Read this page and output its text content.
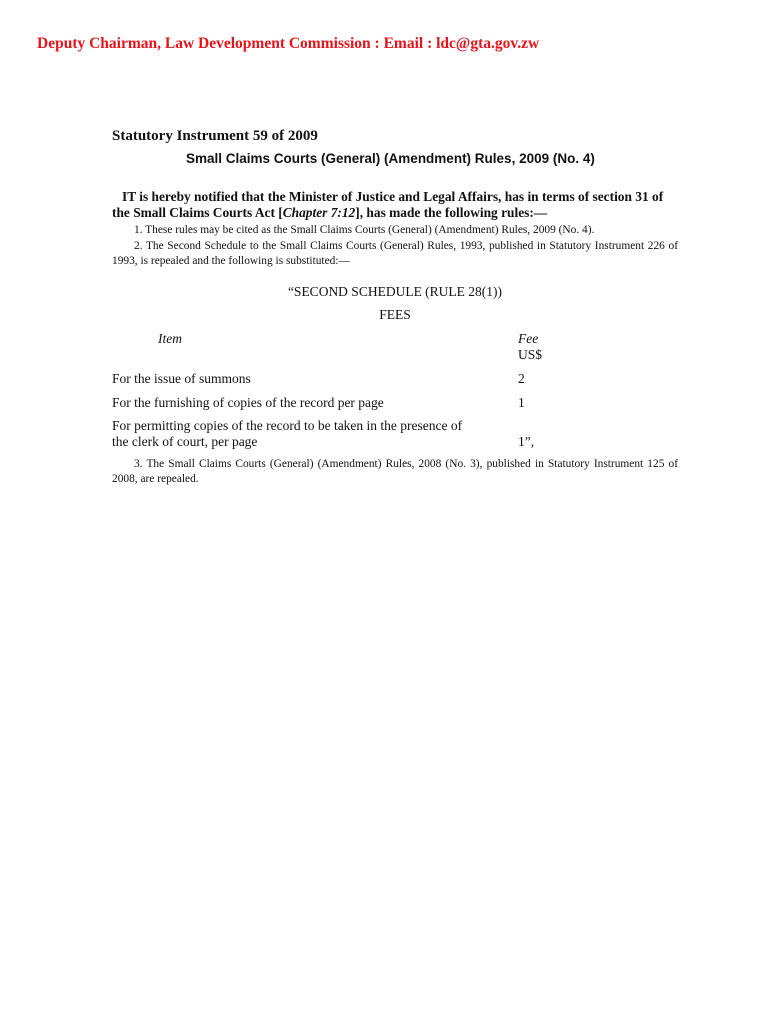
Deputy Chairman, Law Development Commission : Email : ldc@gta.gov.zw
Statutory Instrument 59 of 2009
Small Claims Courts (General) (Amendment) Rules, 2009 (No. 4)
IT is hereby notified that the Minister of Justice and Legal Affairs, has in terms of section 31 of the Small Claims Courts Act [Chapter 7:12], has made the following rules:—
1. These rules may be cited as the Small Claims Courts (General) (Amendment) Rules, 2009 (No. 4).
2. The Second Schedule to the Small Claims Courts (General) Rules, 1993, published in Statutory Instrument 226 of 1993, is repealed and the following is substituted:—
“SECOND SCHEDULE (RULE 28(1))
FEES
Item	Fee
US$
For the issue of summons	2
For the furnishing of copies of the record per page	1
For permitting copies of the record to be taken in the presence of the clerk of court, per page	1”,
3. The Small Claims Courts (General) (Amendment) Rules, 2008 (No. 3), published in Statutory Instrument 125 of 2008, are repealed.
